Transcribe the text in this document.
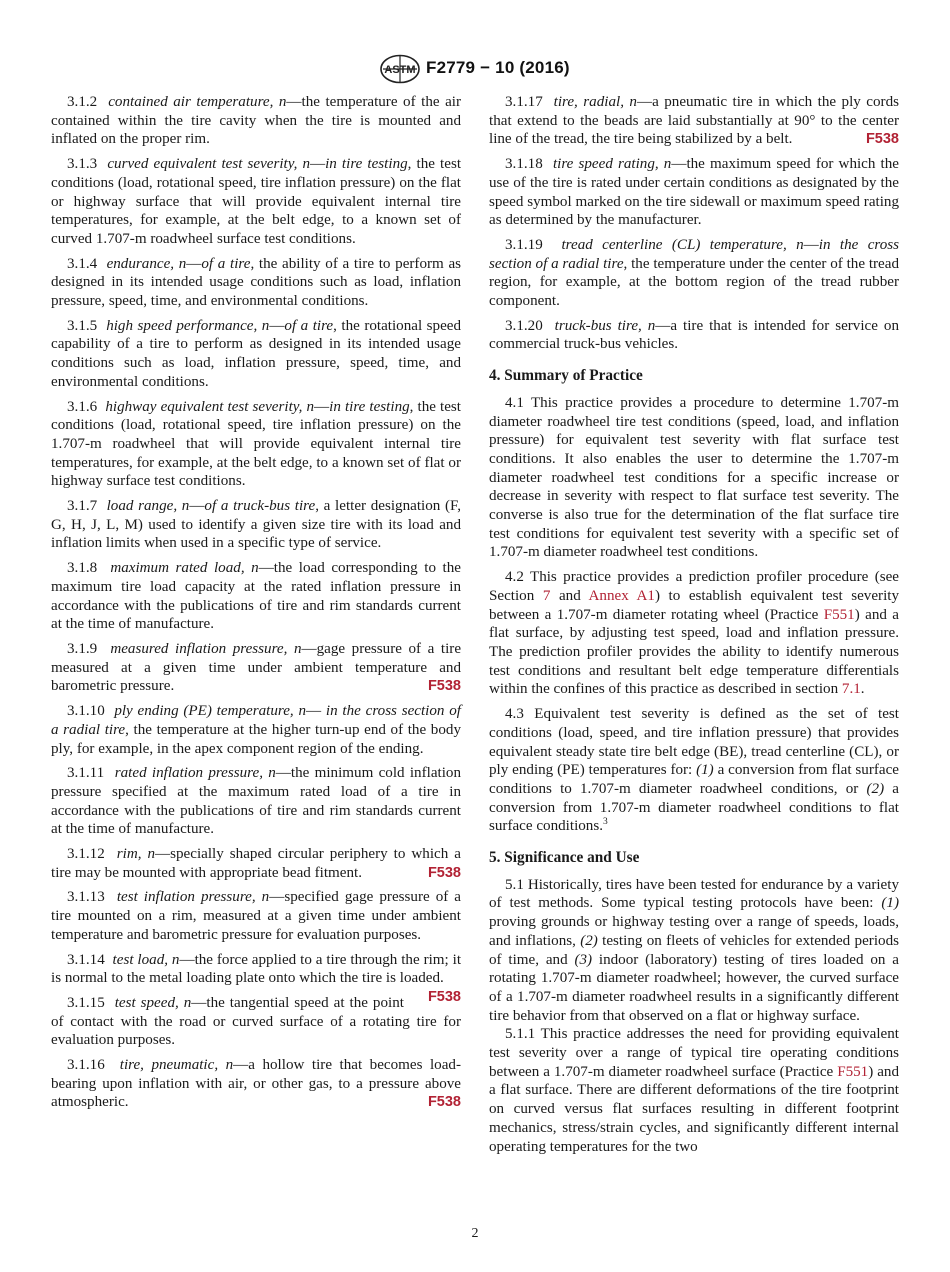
ASTM F2779 − 10 (2016)

3.1.2 contained air temperature, n—the temperature of the air contained within the tire cavity when the tire is mounted and inflated on the proper rim.

3.1.3 curved equivalent test severity, n—in tire testing, the test conditions (load, rotational speed, tire inflation pressure) on the flat or highway surface that will provide equivalent internal tire temperatures, for example, at the belt edge, to a known set of curved 1.707-m roadwheel surface test conditions.

3.1.4 endurance, n—of a tire, the ability of a tire to perform as designed in its intended usage conditions such as load, inflation pressure, speed, time, and environmental conditions.

3.1.5 high speed performance, n—of a tire, the rotational speed capability of a tire to perform as designed in its intended usage conditions such as load, inflation pressure, speed, time, and environmental conditions.

3.1.6 highway equivalent test severity, n—in tire testing, the test conditions (load, rotational speed, tire inflation pressure) on the 1.707-m roadwheel that will provide equivalent internal tire temperatures, for example, at the belt edge, to a known set of flat or highway surface test conditions.

3.1.7 load range, n—of a truck-bus tire, a letter designation (F, G, H, J, L, M) used to identify a given size tire with its load and inflation limits when used in a specific type of service.

3.1.8 maximum rated load, n—the load corresponding to the maximum tire load capacity at the rated inflation pressure in accordance with the publications of tire and rim standards current at the time of manufacture.

3.1.9 measured inflation pressure, n—gage pressure of a tire measured at a given time under ambient temperature and barometric pressure.	F538

3.1.10 ply ending (PE) temperature, n— in the cross section of a radial tire, the temperature at the higher turn-up end of the body ply, for example, in the apex component region of the ending.

3.1.11 rated inflation pressure, n—the minimum cold inflation pressure specified at the maximum rated load of a tire in accordance with the publications of tire and rim standards current at the time of manufacture.

3.1.12 rim, n—specially shaped circular periphery to which a tire may be mounted with appropriate bead fitment.	F538

3.1.13 test inflation pressure, n—specified gage pressure of a tire mounted on a rim, measured at a given time under ambient temperature and barometric pressure for evaluation purposes.

3.1.14 test load, n—the force applied to a tire through the rim; it is normal to the metal loading plate onto which the tire is loaded.
F538

3.1.15 test speed, n—the tangential speed at the point of contact with the road or curved surface of a rotating tire for evaluation purposes.

3.1.16 tire, pneumatic, n—a hollow tire that becomes load-bearing upon inflation with air, or other gas, to a pressure above atmospheric.	F538

3.1.17 tire, radial, n—a pneumatic tire in which the ply cords that extend to the beads are laid substantially at 90° to the center line of the tread, the tire being stabilized by a belt.	F538

3.1.18 tire speed rating, n—the maximum speed for which the use of the tire is rated under certain conditions as designated by the speed symbol marked on the tire sidewall or maximum speed rating as determined by the manufacturer.

3.1.19 tread centerline (CL) temperature, n—in the cross section of a radial tire, the temperature under the center of the tread region, for example, at the bottom region of the tread rubber component.

3.1.20 truck-bus tire, n—a tire that is intended for service on commercial truck-bus vehicles.

4. Summary of Practice

4.1 This practice provides a procedure to determine 1.707-m diameter roadwheel tire test conditions (speed, load, and inflation pressure) for equivalent test severity with flat surface test conditions. It also enables the user to determine the 1.707-m diameter roadwheel test conditions for a specific increase or decrease in severity with respect to flat surface test severity. The converse is also true for the determination of the flat surface tire test conditions for equivalent test severity with a specific set of 1.707-m diameter roadwheel test conditions.

4.2 This practice provides a prediction profiler procedure (see Section 7 and Annex A1) to establish equivalent test severity between a 1.707-m diameter rotating wheel (Practice F551) and a flat surface, by adjusting test speed, load and inflation pressure. The prediction profiler provides the ability to identify numerous test conditions and resultant belt edge temperature differentials within the confines of this practice as described in section 7.1.

4.3 Equivalent test severity is defined as the set of test conditions (load, speed, and tire inflation pressure) that provides equivalent steady state tire belt edge (BE), tread centerline (CL), or ply ending (PE) temperatures for: (1) a conversion from flat surface conditions to 1.707-m diameter roadwheel conditions, or (2) a conversion from 1.707-m diameter roadwheel conditions to flat surface conditions.$^3$

5. Significance and Use

5.1 Historically, tires have been tested for endurance by a variety of test methods. Some typical testing protocols have been: (1) proving grounds or highway testing over a range of speeds, loads, and inflations, (2) testing on fleets of vehicles for extended periods of time, and (3) indoor (laboratory) testing of tires loaded on a rotating 1.707-m diameter roadwheel; however, the curved surface of a 1.707-m diameter roadwheel results in a significantly different tire behavior from that observed on a flat or highway surface.

5.1.1 This practice addresses the need for providing equivalent test severity over a range of typical tire operating conditions between a 1.707-m diameter roadwheel surface (Practice F551) and a flat surface. There are different deformations of the tire footprint on curved versus flat surfaces resulting in different footprint mechanics, stress/strain cycles, and significantly different internal operating temperatures for the two

2
